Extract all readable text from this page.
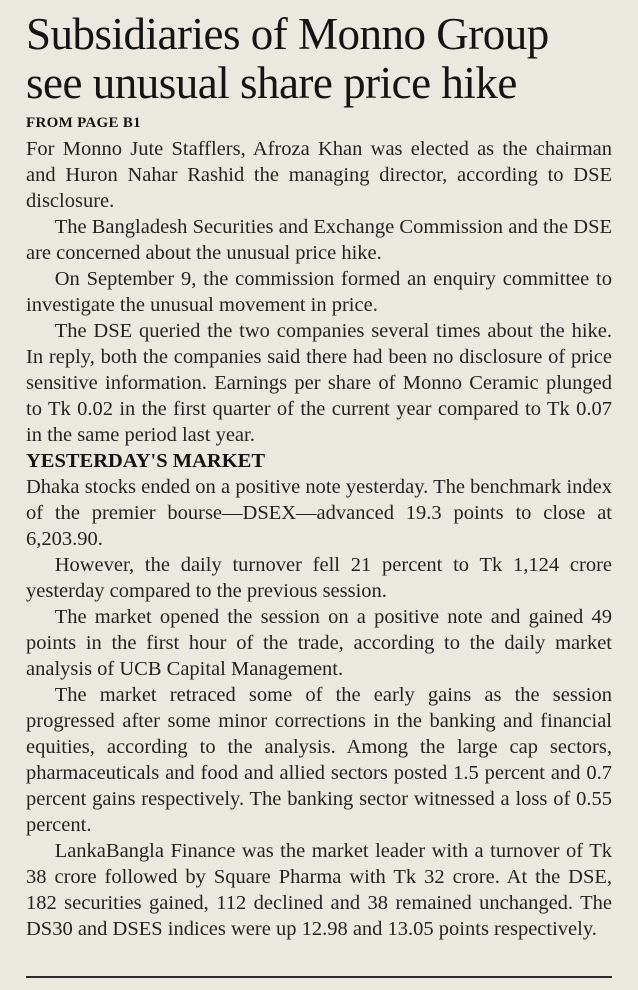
Subsidiaries of Monno Group
see unusual share price hike
FROM PAGE B1

For Monno Jute Stafflers, Afroza Khan was elected as the chairman and Huron Nahar Rashid the managing director, according to DSE disclosure.

The Bangladesh Securities and Exchange Commission and the DSE are concerned about the unusual price hike.

On September 9, the commission formed an enquiry committee to investigate the unusual movement in price.

The DSE queried the two companies several times about the hike. In reply, both the companies said there had been no disclosure of price sensitive information. Earnings per share of Monno Ceramic plunged to Tk 0.02 in the first quarter of the current year compared to Tk 0.07 in the same period last year.

YESTERDAY'S MARKET

Dhaka stocks ended on a positive note yesterday. The benchmark index of the premier bourse—DSEX—advanced 19.3 points to close at 6,203.90.

However, the daily turnover fell 21 percent to Tk 1,124 crore yesterday compared to the previous session.

The market opened the session on a positive note and gained 49 points in the first hour of the trade, according to the daily market analysis of UCB Capital Management.

The market retraced some of the early gains as the session progressed after some minor corrections in the banking and financial equities, according to the analysis. Among the large cap sectors, pharmaceuticals and food and allied sectors posted 1.5 percent and 0.7 percent gains respectively. The banking sector witnessed a loss of 0.55 percent.

LankaBangla Finance was the market leader with a turnover of Tk 38 crore followed by Square Pharma with Tk 32 crore. At the DSE, 182 securities gained, 112 declined and 38 remained unchanged. The DS30 and DSES indices were up 12.98 and 13.05 points respectively.
